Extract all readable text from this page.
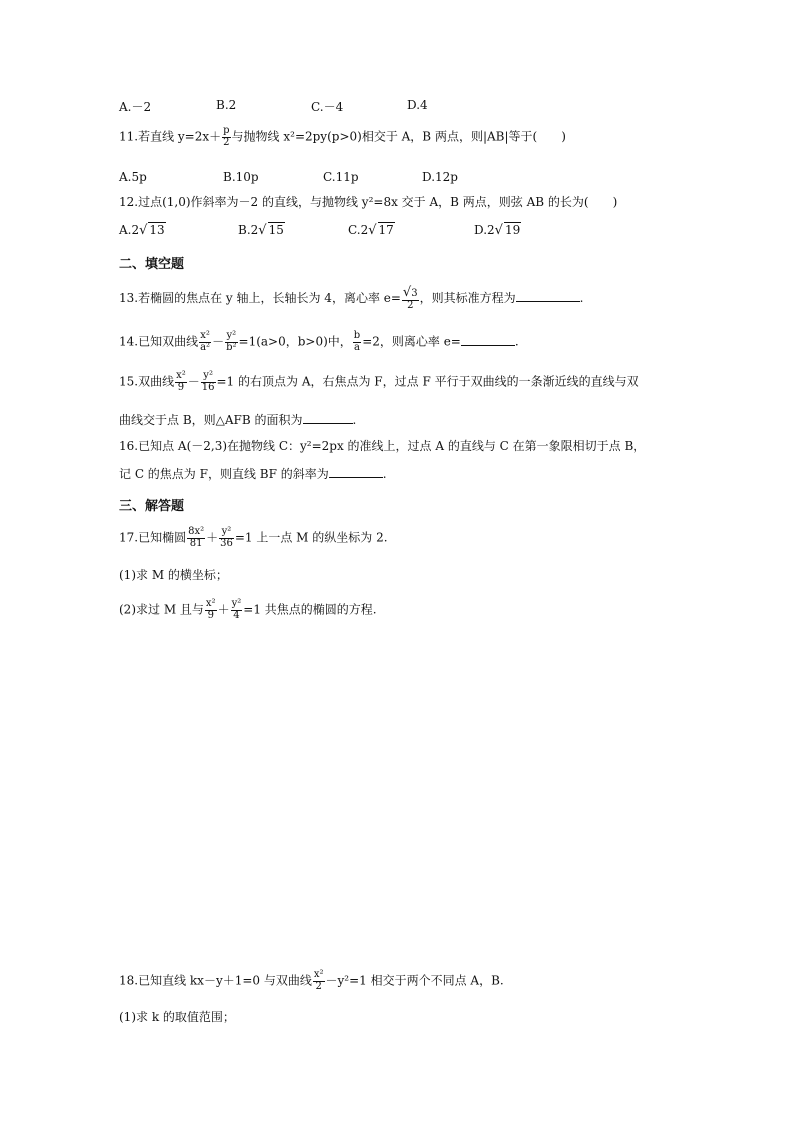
A.－2	B.2	C.－4	D.4
11.若直线 $y=2x+ \frac{p}{2}$ 与抛物线 x²=2py(p>0)相交于 A，B 两点，则|AB|等于( )
A.5p	B.10p	C.11p	D.12p
12.过点(1,0)作斜率为－2 的直线，与抛物线 y²=8x 交于 A，B 两点，则弦 AB 的长为( )
A.2√ 13	B.2√ 15	C.2√ 17	D.2√ 19
二、填空题
13.若椭圆的焦点在 y 轴上，长轴长为 4，离心率 $e= \frac{√3}{2}$ ，则其标准方程为	.
14.已知双曲线 $\frac{\text{x²}}{\text{a²}} - \frac{\text{y²}}{\text{b²}} =1(a>0$，b>0)中， $\frac{b}{a} =2$，则离心率 e=	.
15.双曲线 $\frac{\text{x²}}{9} - \frac{\text{y²}}{16} =1$ 的右顶点为 A，右焦点为 F，过点 F 平行于双曲线的一条渐近线的直线与双
曲线交于点 B，则△AFB 的面积为	.
16.已知点 A(－2,3)在抛物线 C：y²=2px 的准线上，过点 A 的直线与 C 在第一象限相切于点 B，
记 C 的焦点为 F，则直线 BF 的斜率为	.
三、解答题
17.已知椭圆 $\frac{\text{8x²}}{81} + \frac{\text{y²}}{36} =1$ 上一点 M 的纵坐标为 2.
(1)求 M 的横坐标；
(2)求过 M 且与 $\frac{\text{x²}}{9} + \frac{\text{y²}}{4} =1$ 共焦点的椭圆的方程.
18.已知直线 kx－y＋1=0 与双曲线 $\frac{\text{x²}}{2} -y^2=1$ 相交于两个不同点 A，B.
(1)求 k 的取值范围；
